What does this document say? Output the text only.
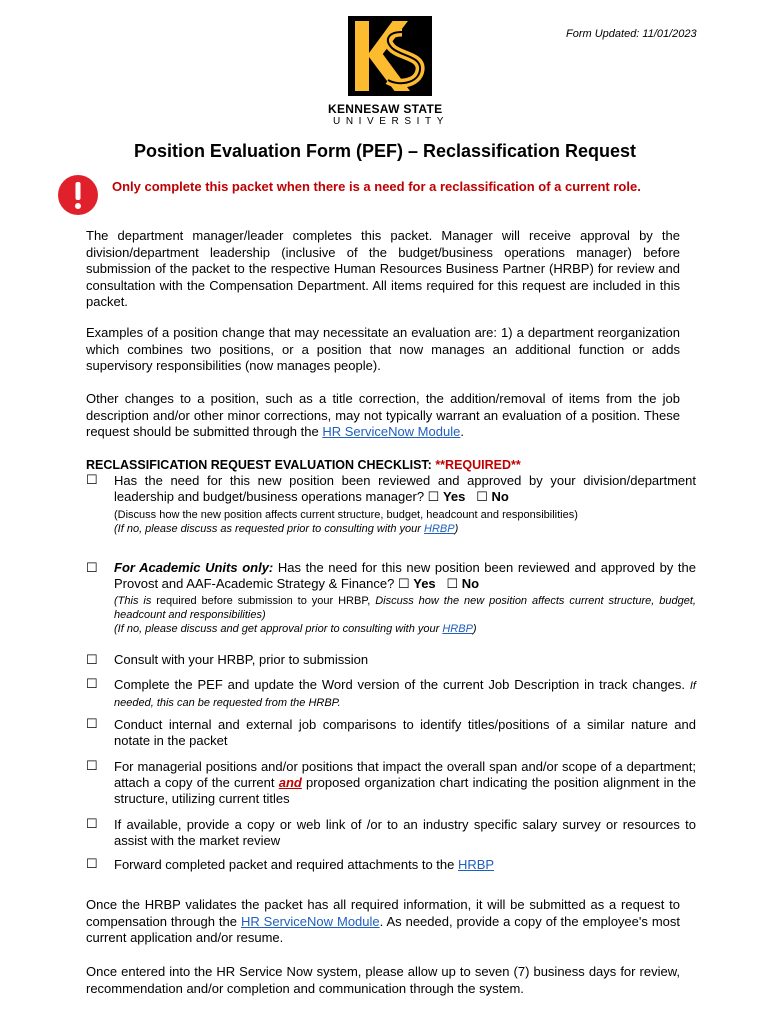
Form Updated: 11/01/2023
KENNESAW STATE
UNIVERSITY
Position Evaluation Form (PEF) – Reclassification Request
Only complete this packet when there is a need for a reclassification of a current role.
The department manager/leader completes this packet. Manager will receive approval by the division/department leadership (inclusive of the budget/business operations manager) before submission of the packet to the respective Human Resources Business Partner (HRBP) for review and consultation with the Compensation Department. All items required for this request are included in this packet.
Examples of a position change that may necessitate an evaluation are: 1) a department reorganization which combines two positions, or a position that now manages an additional function or adds supervisory responsibilities (now manages people).
Other changes to a position, such as a title correction, the addition/removal of items from the job description and/or other minor corrections, may not typically warrant an evaluation of a position. These request should be submitted through the HR ServiceNow Module.
RECLASSIFICATION REQUEST EVALUATION CHECKLIST: **REQUIRED**
☐ Has the need for this new position been reviewed and approved by your division/department leadership and budget/business operations manager? ☐ Yes ☐ No
(Discuss how the new position affects current structure, budget, headcount and responsibilities)
(If no, please discuss as requested prior to consulting with your HRBP)
☐ For Academic Units only: Has the need for this new position been reviewed and approved by the Provost and AAF-Academic Strategy & Finance? ☐ Yes ☐ No
(This is required before submission to your HRBP, Discuss how the new position affects current structure, budget, headcount and responsibilities)
(If no, please discuss and get approval prior to consulting with your HRBP)
☐ Consult with your HRBP, prior to submission
☐ Complete the PEF and update the Word version of the current Job Description in track changes. If needed, this can be requested from the HRBP.
☐ Conduct internal and external job comparisons to identify titles/positions of a similar nature and notate in the packet
☐ For managerial positions and/or positions that impact the overall span and/or scope of a department; attach a copy of the current and proposed organization chart indicating the position alignment in the structure, utilizing current titles
☐ If available, provide a copy or web link of /or to an industry specific salary survey or resources to assist with the market review
☐ Forward completed packet and required attachments to the HRBP
Once the HRBP validates the packet has all required information, it will be submitted as a request to compensation through the HR ServiceNow Module. As needed, provide a copy of the employee's most current application and/or resume.
Once entered into the HR Service Now system, please allow up to seven (7) business days for review, recommendation and/or completion and communication through the system.
